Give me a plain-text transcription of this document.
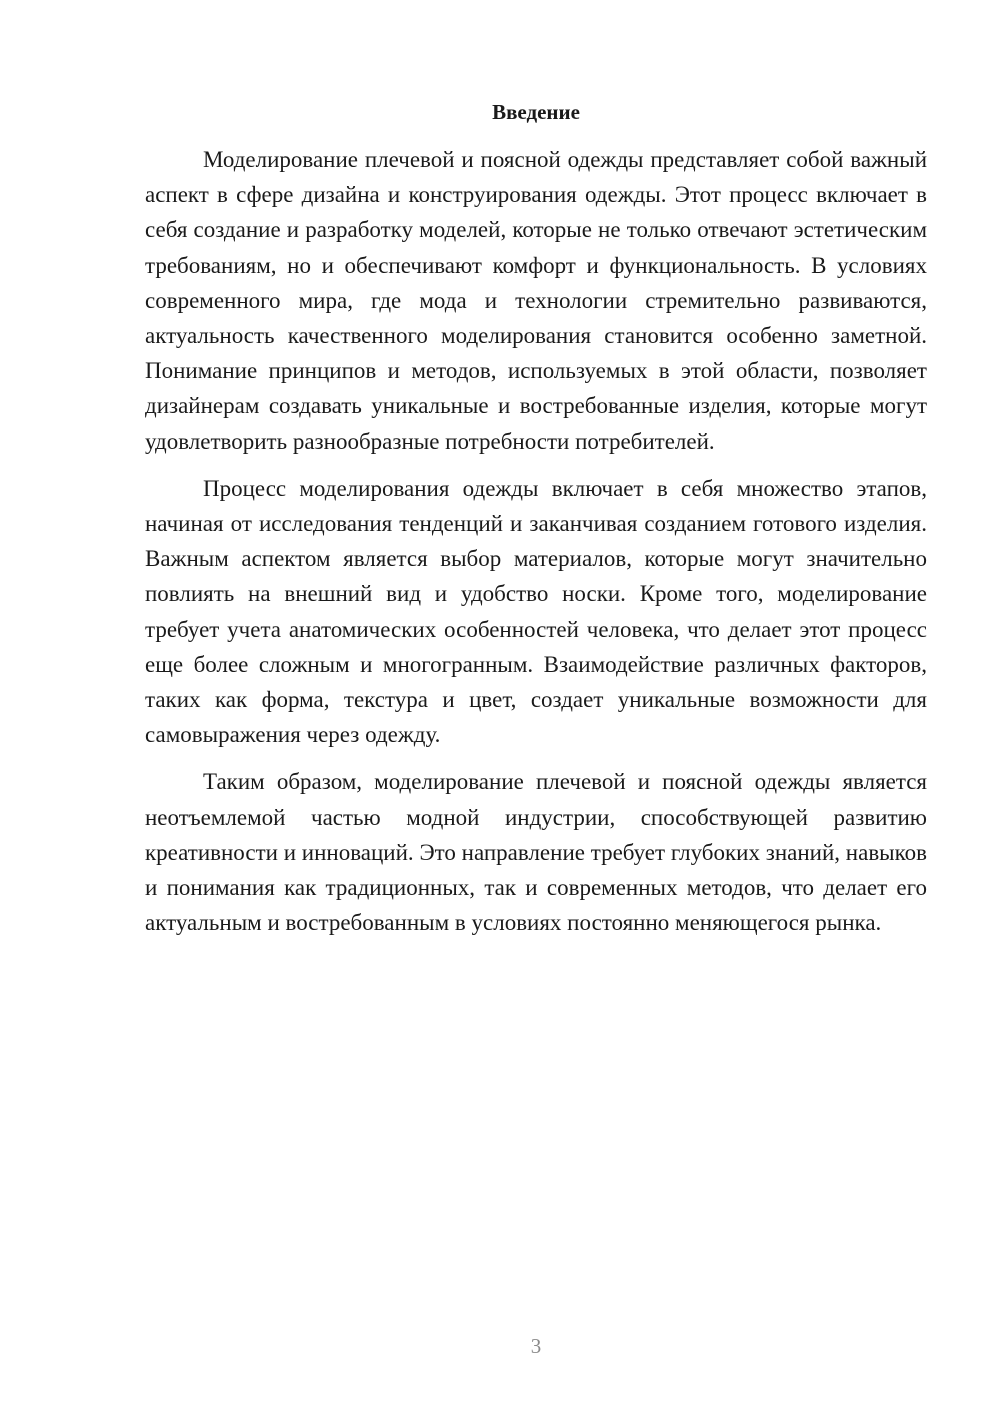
Введение

Моделирование плечевой и поясной одежды представляет собой важный аспект в сфере дизайна и конструирования одежды. Этот процесс включает в себя создание и разработку моделей, которые не только отвечают эстетическим требованиям, но и обеспечивают комфорт и функциональность. В условиях современного мира, где мода и технологии стремительно развиваются, актуальность качественного моделирования становится особенно заметной. Понимание принципов и методов, используемых в этой области, позволяет дизайнерам создавать уникальные и востребованные изделия, которые могут удовлетворить разнообразные потребности потребителей.

Процесс моделирования одежды включает в себя множество этапов, начиная от исследования тенденций и заканчивая созданием готового изделия. Важным аспектом является выбор материалов, которые могут значительно повлиять на внешний вид и удобство носки. Кроме того, моделирование требует учета анатомических особенностей человека, что делает этот процесс еще более сложным и многогранным. Взаимодействие различных факторов, таких как форма, текстура и цвет, создает уникальные возможности для самовыражения через одежду.

Таким образом, моделирование плечевой и поясной одежды является неотъемлемой частью модной индустрии, способствующей развитию креативности и инноваций. Это направление требует глубоких знаний, навыков и понимания как традиционных, так и современных методов, что делает его актуальным и востребованным в условиях постоянно меняющегося рынка.

3
